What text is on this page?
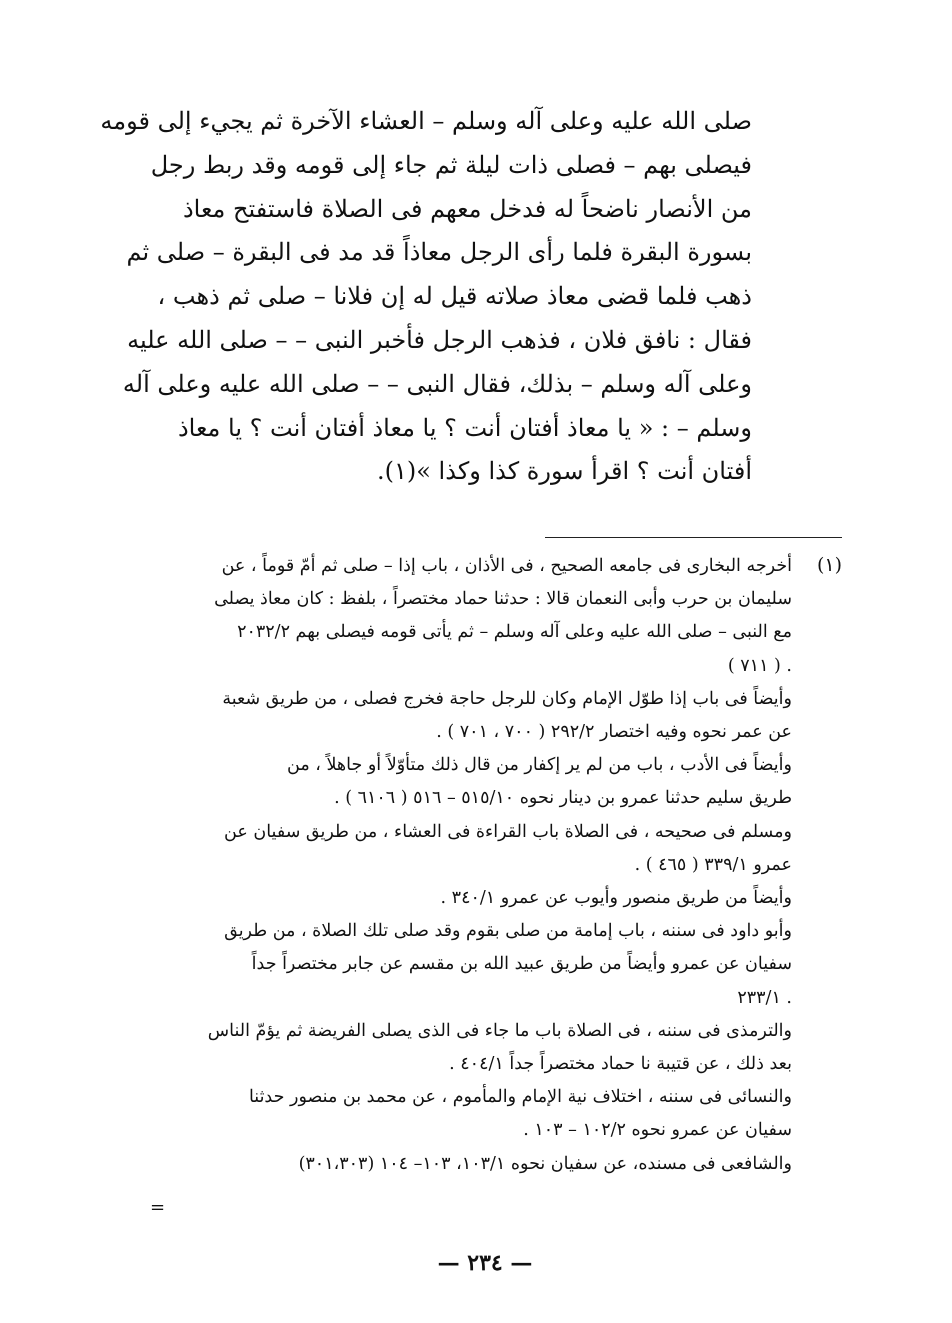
صلى الله عليه وعلى آله وسلم – العشاء الآخرة ثم يجيء إلى قومه
فيصلى بهم – فصلى ذات ليلة ثم جاء إلى قومه وقد ربط رجل
من الأنصار ناضحاً له فدخل معهم فى الصلاة فاستفتح معاذ
بسورة البقرة فلما رأى الرجل معاذاً قد مد فى البقرة – صلى ثم
ذهب فلما قضى معاذ صلاته قيل له إن فلانا – صلى ثم ذهب ،
فقال : نافق فلان ، فذهب الرجل فأخبر النبى – – صلى الله عليه
وعلى آله وسلم – بذلك، فقال النبى – – صلى الله عليه وعلى آله
وسلم – : « يا معاذ أفتان أنت ؟ يا معاذ أفتان أنت ؟ يا معاذ
أفتان أنت ؟ اقرأ سورة كذا وكذا »(١).
(١)
أخرجه البخارى فى جامعه الصحيح ، فى الأذان ، باب إذا – صلى ثم أمّ قوماً ، عن
سليمان بن حرب وأبى النعمان قالا : حدثنا حماد مختصراً ، بلفظ : كان معاذ يصلى
مع النبى – صلى الله عليه وعلى آله وسلم – ثم يأتى قومه فيصلى بهم ٢٠٣٢/٢
. ( ٧١١ )
وأيضاً فى باب إذا طوّل الإمام وكان للرجل حاجة فخرج فصلى ، من طريق شعبة
عن عمر نحوه وفيه اختصار ٢٩٢/٢ ( ٧٠٠ ، ٧٠١ ) .
وأيضاً فى الأدب ، باب من لم ير إكفار من قال ذلك متأوّلاً أو جاهلاً ، من
طريق سليم حدثنا عمرو بن دينار نحوه ٥١٥/١٠ – ٥١٦ ( ٦١٠٦ ) .
ومسلم فى صحيحه ، فى الصلاة باب القراءة فى العشاء ، من طريق سفيان عن
عمرو ٣٣٩/١ ( ٤٦٥ ) .
وأيضاً من طريق منصور وأيوب عن عمرو ٣٤٠/١ .
وأبو داود فى سننه ، باب إمامة من صلى بقوم وقد صلى تلك الصلاة ، من طريق
سفيان عن عمرو وأيضاً من طريق عبيد الله بن مقسم عن جابر مختصراً جداً
. ٢٣٣/١
والترمذى فى سننه ، فى الصلاة باب ما جاء فى الذى يصلى الفريضة ثم يؤمّ الناس
بعد ذلك ، عن قتيبة نا حماد مختصراً جداً ٤٠٤/١ .
والنسائى فى سننه ، اختلاف نية الإمام والمأموم ، عن محمد بن منصور حدثنا
سفيان عن عمرو نحوه ١٠٢/٢ – ١٠٣ .
والشافعى فى مسنده، عن سفيان نحوه ١٠٣/١، ١٠٣– ١٠٤ (٣٠١،٣٠٣)
=
— ٢٣٤ —
